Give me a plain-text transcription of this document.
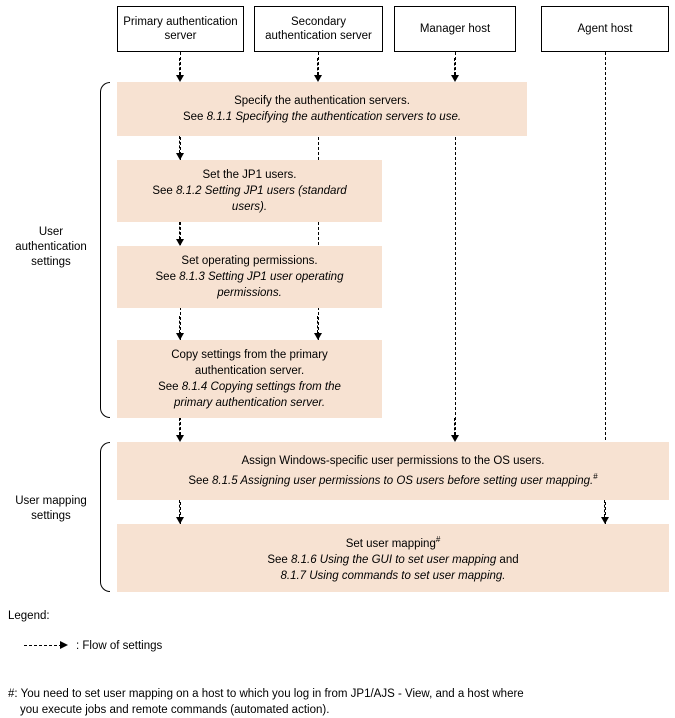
Primary authentication server
Secondary authentication server
Manager host	Agent host
Specify the authentication servers.
See 8.1.1 Specifying the authentication servers to use.
Set the JP1 users.
See 8.1.2 Setting JP1 users (standard
users).
Set operating permissions.
See 8.1.3 Setting JP1 user operating
permissions.
Copy settings from the primary
authentication server.
See 8.1.4 Copying settings from the
primary authentication server.
Assign Windows-specific user permissions to the OS users.
See 8.1.5 Assigning user permissions to OS users before setting user mapping.#
Set user mapping#
See 8.1.6 Using the GUI to set user mapping and
8.1.7 Using commands to set user mapping.
User authentication settings
User mapping settings
Legend:
: Flow of settings
#: You need to set user mapping on a host to which you log in from JP1/AJS - View, and a host where
you execute jobs and remote commands (automated action).
